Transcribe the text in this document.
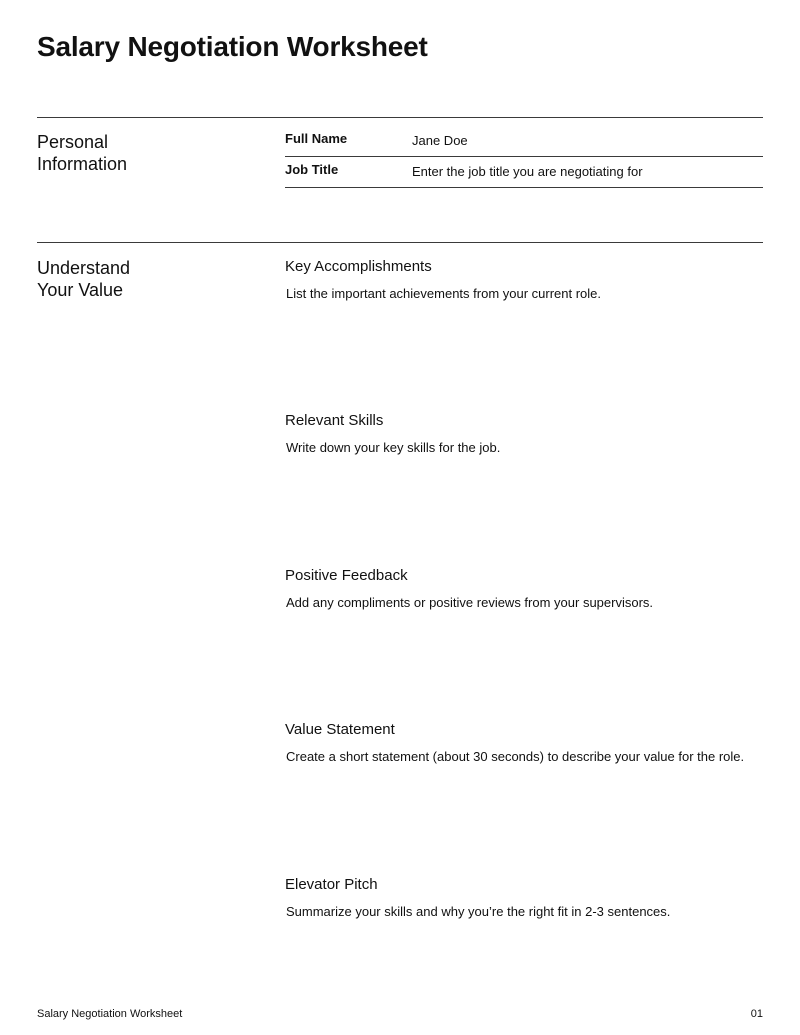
Salary Negotiation Worksheet
Personal
Information
Full Name
Jane Doe
Job Title
Enter the job title you are negotiating for
Understand
Your Value
Key Accomplishments
List the important achievements from your current role.
Relevant Skills
Write down your key skills for the job.
Positive Feedback
Add any compliments or positive reviews from your supervisors.
Value Statement
Create a short statement (about 30 seconds) to describe your value for the role.
Elevator Pitch
Summarize your skills and why you’re the right fit in 2-3 sentences.
Salary Negotiation Worksheet	01
